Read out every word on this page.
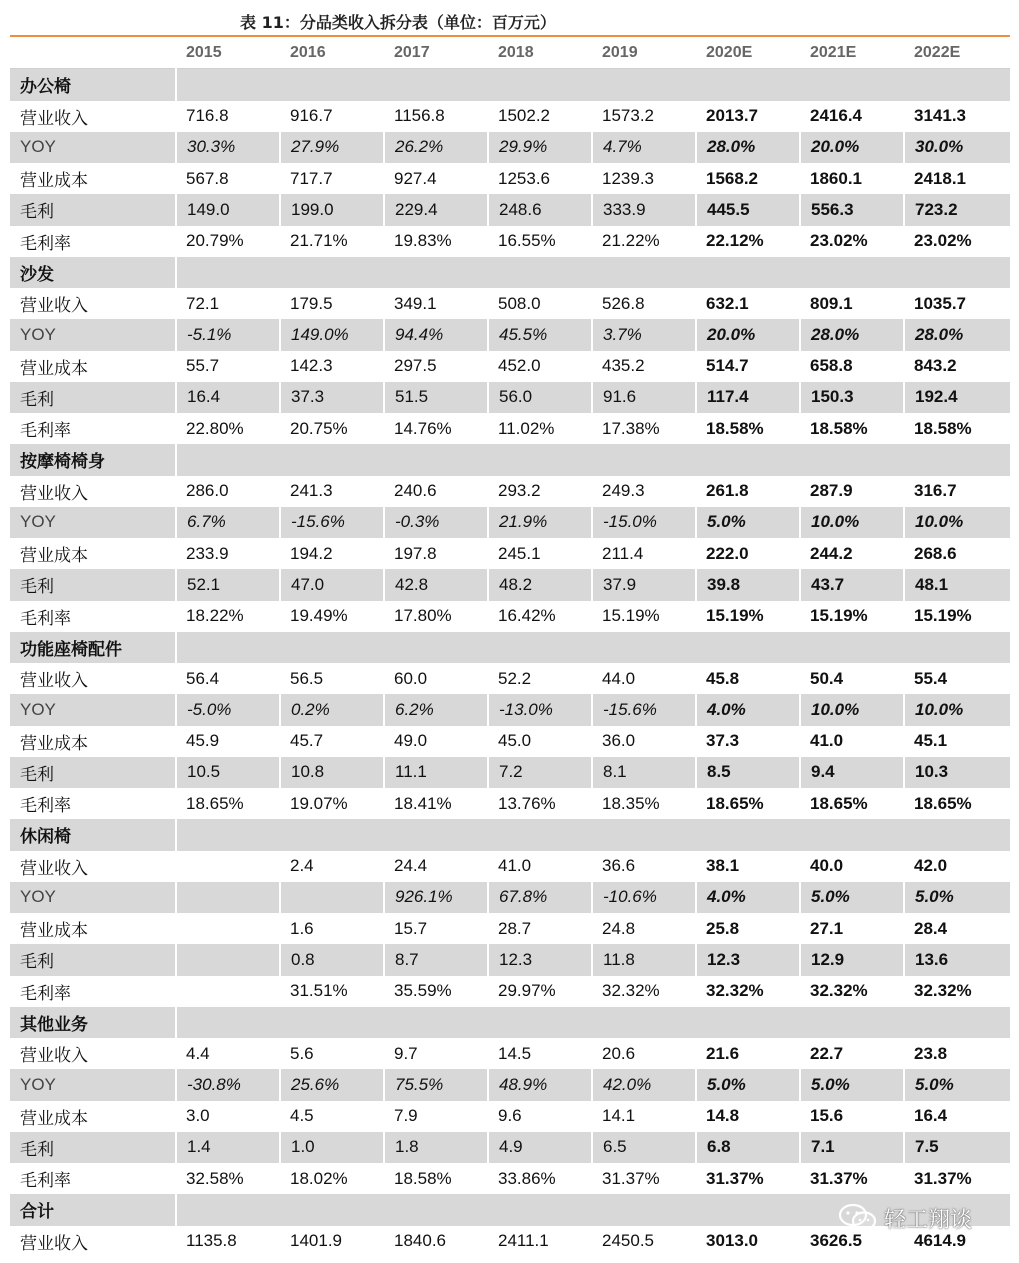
表 11：分品类收入拆分表（单位：百万元）
	2015	2016	2017	2018	2019	2020E	2021E	2022E
办公椅								
营业收入	716.8	916.7	1156.8	1502.2	1573.2	2013.7	2416.4	3141.3
YOY	30.3%	27.9%	26.2%	29.9%	4.7%	28.0%	20.0%	30.0%
营业成本	567.8	717.7	927.4	1253.6	1239.3	1568.2	1860.1	2418.1
毛利	149.0	199.0	229.4	248.6	333.9	445.5	556.3	723.2
毛利率	20.79%	21.71%	19.83%	16.55%	21.22%	22.12%	23.02%	23.02%
沙发								
营业收入	72.1	179.5	349.1	508.0	526.8	632.1	809.1	1035.7
YOY	-5.1%	149.0%	94.4%	45.5%	3.7%	20.0%	28.0%	28.0%
营业成本	55.7	142.3	297.5	452.0	435.2	514.7	658.8	843.2
毛利	16.4	37.3	51.5	56.0	91.6	117.4	150.3	192.4
毛利率	22.80%	20.75%	14.76%	11.02%	17.38%	18.58%	18.58%	18.58%
按摩椅椅身								
营业收入	286.0	241.3	240.6	293.2	249.3	261.8	287.9	316.7
YOY	6.7%	-15.6%	-0.3%	21.9%	-15.0%	5.0%	10.0%	10.0%
营业成本	233.9	194.2	197.8	245.1	211.4	222.0	244.2	268.6
毛利	52.1	47.0	42.8	48.2	37.9	39.8	43.7	48.1
毛利率	18.22%	19.49%	17.80%	16.42%	15.19%	15.19%	15.19%	15.19%
功能座椅配件								
营业收入	56.4	56.5	60.0	52.2	44.0	45.8	50.4	55.4
YOY	-5.0%	0.2%	6.2%	-13.0%	-15.6%	4.0%	10.0%	10.0%
营业成本	45.9	45.7	49.0	45.0	36.0	37.3	41.0	45.1
毛利	10.5	10.8	11.1	7.2	8.1	8.5	9.4	10.3
毛利率	18.65%	19.07%	18.41%	13.76%	18.35%	18.65%	18.65%	18.65%
休闲椅								
营业收入		2.4	24.4	41.0	36.6	38.1	40.0	42.0
YOY			926.1%	67.8%	-10.6%	4.0%	5.0%	5.0%
营业成本		1.6	15.7	28.7	24.8	25.8	27.1	28.4
毛利		0.8	8.7	12.3	11.8	12.3	12.9	13.6
毛利率		31.51%	35.59%	29.97%	32.32%	32.32%	32.32%	32.32%
其他业务								
营业收入	4.4	5.6	9.7	14.5	20.6	21.6	22.7	23.8
YOY	-30.8%	25.6%	75.5%	48.9%	42.0%	5.0%	5.0%	5.0%
营业成本	3.0	4.5	7.9	9.6	14.1	14.8	15.6	16.4
毛利	1.4	1.0	1.8	4.9	6.5	6.8	7.1	7.5
毛利率	32.58%	18.02%	18.58%	33.86%	31.37%	31.37%	31.37%	31.37%
合计								
营业收入	1135.8	1401.9	1840.6	2411.1	2450.5	3013.0	3626.5	4614.9
轻工翔谈
